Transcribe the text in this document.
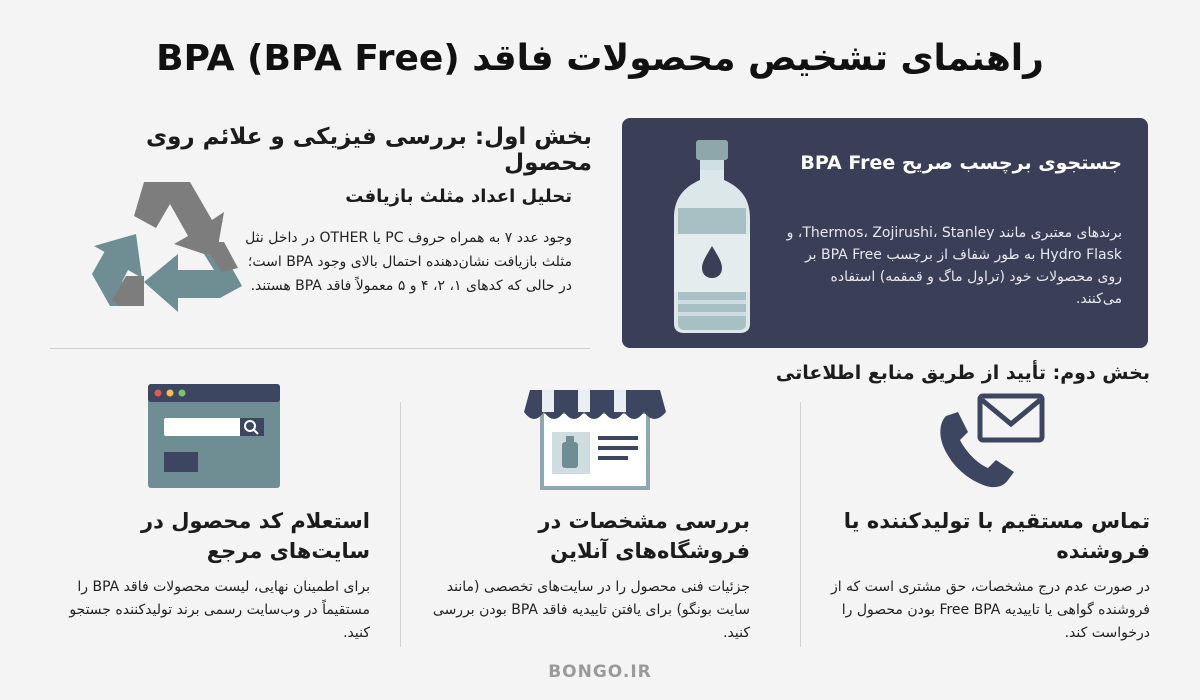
راهنمای تشخیص محصولات فاقد BPA (BPA Free)
بخش اول: بررسی فیزیکی و علائم روی محصول
تحلیل اعداد مثلث بازیافت
وجود عدد ۷ به همراه حروف PC یا OTHER در داخل نثل مثلث بازیافت نشان‌دهنده احتمال بالای وجود BPA است؛ در حالی که کدهای ۱، ۲، ۴ و ۵ معمولاً فاقد BPA هستند.
جستجوی برچسب صریح BPA Free
برندهای معتبری مانند Thermos، Zojirushi، Stanley، و Hydro Flask به طور شفاف از برچسب BPA Free بر روی محصولات خود (تراول ماگ و قمقمه) استفاده می‌کنند.
بخش دوم: تأیید از طریق منابع اطلاعاتی
تماس مستقیم با تولیدکننده یا فروشنده
در صورت عدم درج مشخصات، حق مشتری است که از فروشنده گواهی یا تاییدیه Free BPA بودن محصول را درخواست کند.
بررسی مشخصات در فروشگاه‌های آنلاین
جزئیات فنی محصول را در سایت‌های تخصصی (مانند سایت بونگو) برای یافتن تاییدیه فاقد BPA بودن بررسی کنید.
استعلام کد محصول در سایت‌های مرجع
برای اطمینان نهایی، لیست محصولات فاقد BPA را مستقیماً در وب‌سایت رسمی برند تولیدکننده جستجو کنید.
BONGO.IR
